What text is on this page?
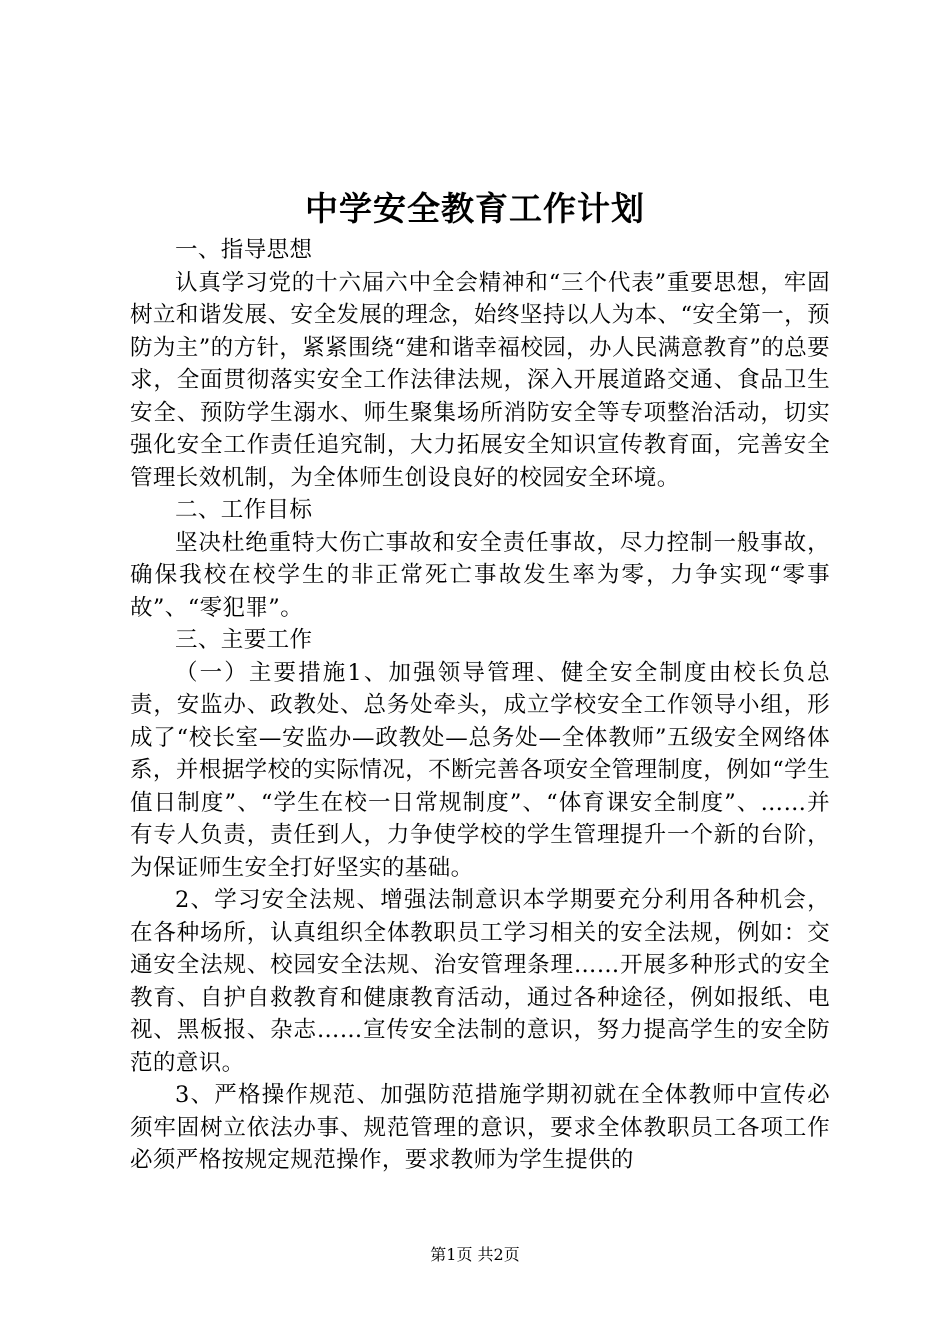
中学安全教育工作计划

一、指导思想

认真学习党的十六届六中全会精神和“三个代表”重要思想，牢固树立和谐发展、安全发展的理念，始终坚持以人为本、“安全第一，预防为主”的方针，紧紧围绕“建和谐幸福校园，办人民满意教育”的总要求，全面贯彻落实安全工作法律法规，深入开展道路交通、食品卫生安全、预防学生溺水、师生聚集场所消防安全等专项整治活动，切实强化安全工作责任追究制，大力拓展安全知识宣传教育面，完善安全管理长效机制，为全体师生创设良好的校园安全环境。

二、工作目标

坚决杜绝重特大伤亡事故和安全责任事故，尽力控制一般事故，确保我校在校学生的非正常死亡事故发生率为零，力争实现“零事故”、“零犯罪”。

三、主要工作

（一）主要措施1、加强领导管理、健全安全制度由校长负总责，安监办、政教处、总务处牵头，成立学校安全工作领导小组，形成了“校长室—安监办—政教处—总务处—全体教师”五级安全网络体系，并根据学校的实际情况，不断完善各项安全管理制度，例如“学生值日制度”、“学生在校一日常规制度”、“体育课安全制度”、……并有专人负责，责任到人，力争使学校的学生管理提升一个新的台阶，为保证师生安全打好坚实的基础。

2、学习安全法规、增强法制意识本学期要充分利用各种机会，在各种场所，认真组织全体教职员工学习相关的安全法规，例如：交通安全法规、校园安全法规、治安管理条理……开展多种形式的安全教育、自护自救教育和健康教育活动，通过各种途径，例如报纸、电视、黑板报、杂志……宣传安全法制的意识，努力提高学生的安全防范的意识。

3、严格操作规范、加强防范措施学期初就在全体教师中宣传必须牢固树立依法办事、规范管理的意识，要求全体教职员工各项工作必须严格按规定规范操作，要求教师为学生提供的

第1页 共2页
